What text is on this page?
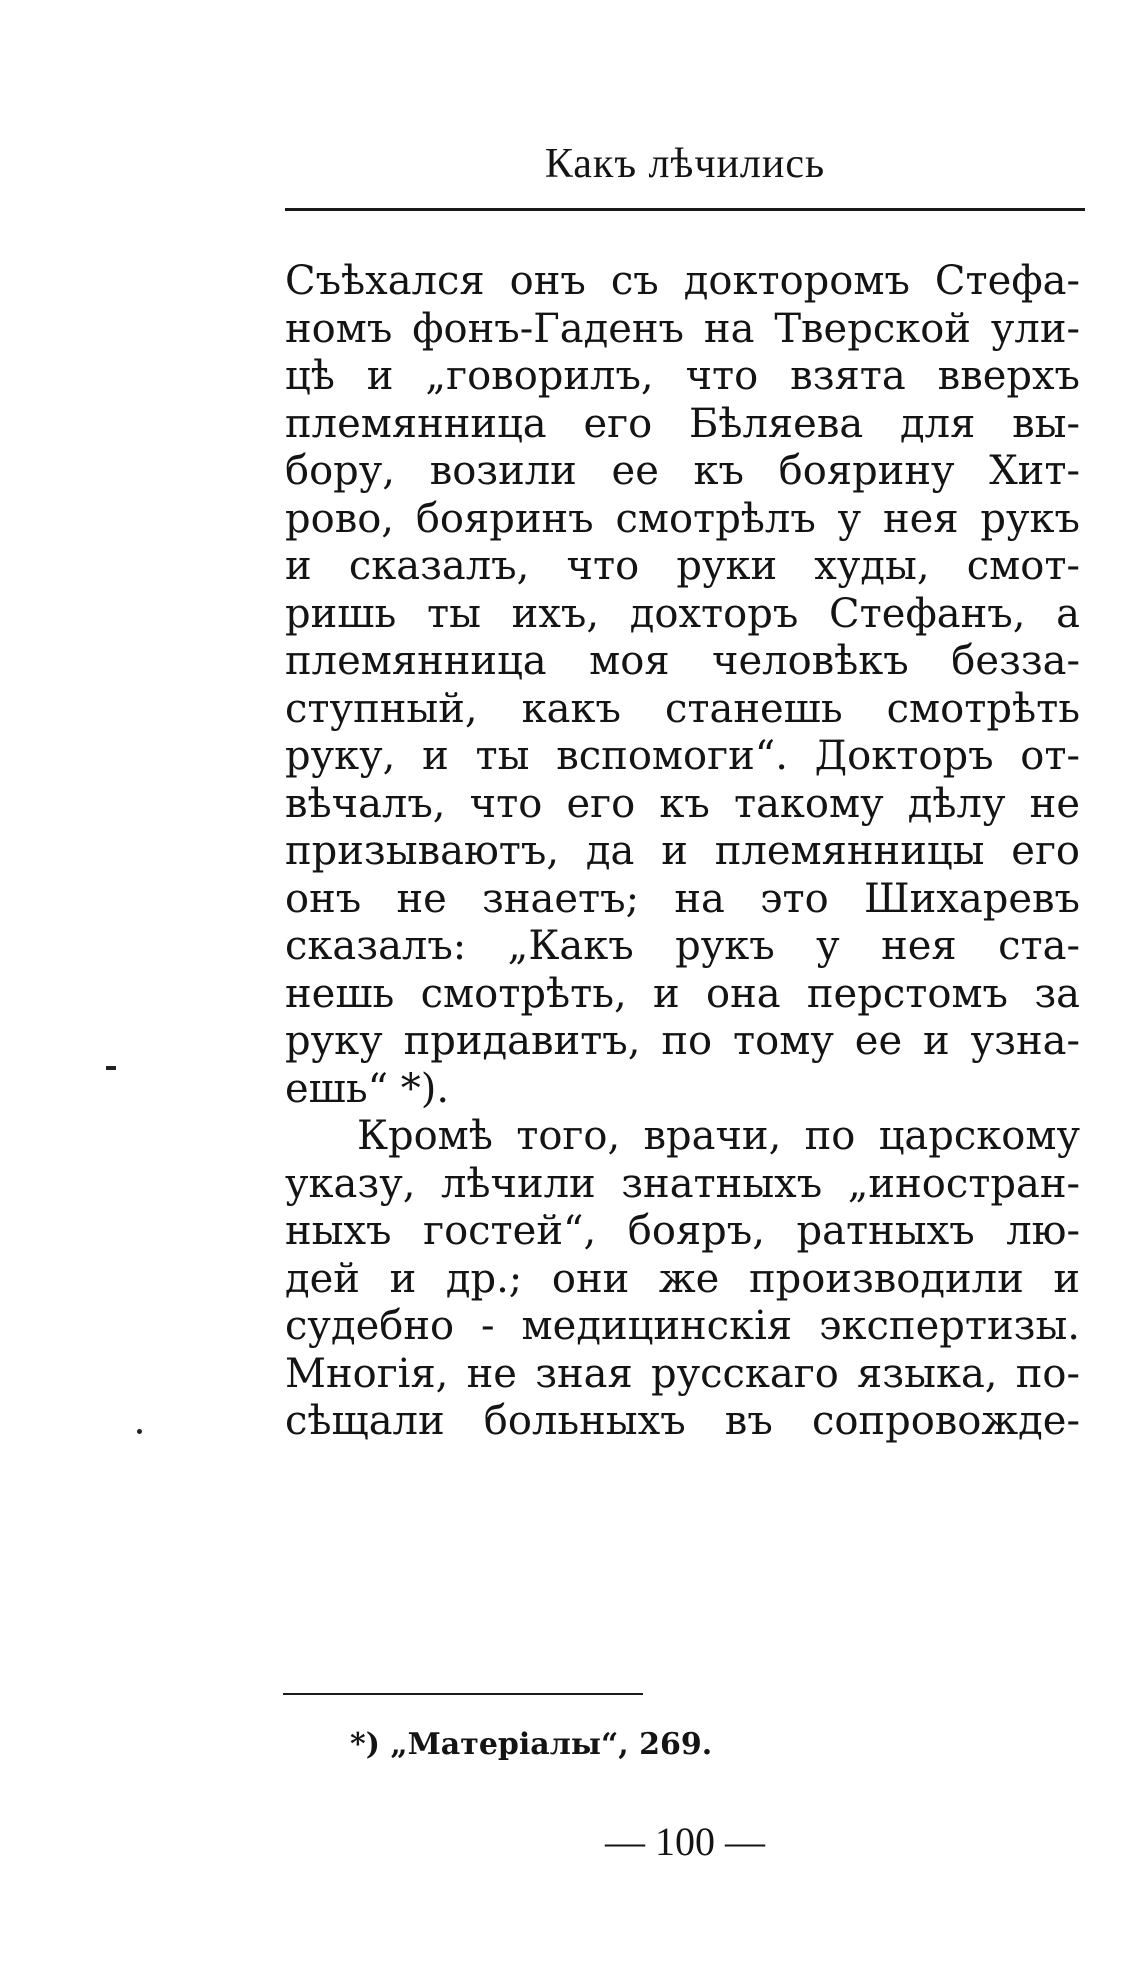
Какъ лѣчились
Съѣхался онъ съ докторомъ Стефа-
номъ фонъ-Гаденъ на Тверской ули-
цѣ и „говорилъ, что взята вверхъ
племянница его Бѣляева для вы-
бору, возили ее къ боярину Хит-
рово, бояринъ смотрѣлъ у нея рукъ
и сказалъ, что руки худы, смот-
ришь ты ихъ, дохторъ Стефанъ, а
племянница моя человѣкъ безза-
ступный, какъ станешь смотрѣть
руку, и ты вспомоги“. Докторъ от-
вѣчалъ, что его къ такому дѣлу не
призываютъ, да и племянницы его
онъ не знаетъ; на это Шихаревъ
сказалъ: „Какъ рукъ у нея ста-
нешь смотрѣть, и она перстомъ за
руку придавитъ, по тому ее и узна-
ешь“ *).
Кромѣ того, врачи, по царскому
указу, лѣчили знатныхъ „иностран-
ныхъ гостей“, бояръ, ратныхъ лю-
дей и др.; они же производили и
судебно - медицинскія экспертизы.
Многія, не зная русскаго языка, по-
сѣщали больныхъ въ сопровожде-
*) „Матеріалы“, 269.
— 100 —
